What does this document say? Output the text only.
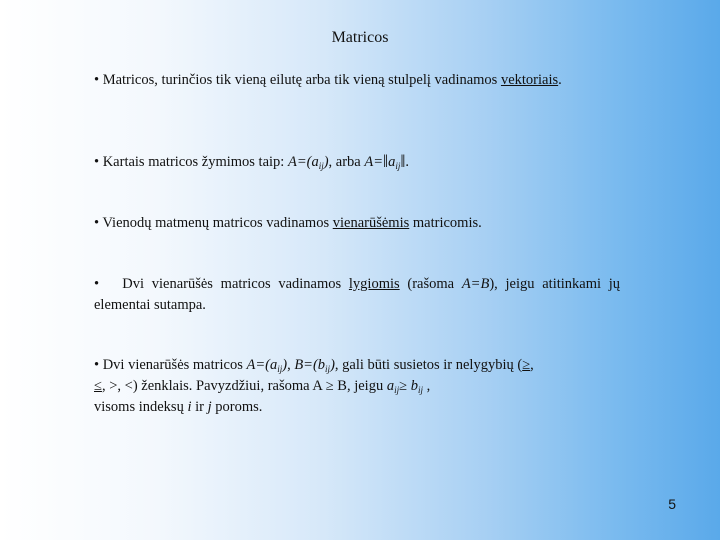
Matricos
• Matricos, turinčios tik vieną eilutę arba tik vieną stulpelį vadinamos vektoriais.
• Kartais matricos žymimos taip: $A=(a_{ij})$, arba $A=‖a_{ij}‖$.
• Vienodų matmenų matricos vadinamos vienarūšėmis matricomis.
• Dvi vienarūšės matricos vadinamos lygiomis (rašoma A=B), jeigu atitinkami jų elementai sutampa.
• Dvi vienarūšės matricos $A=(a_{ij})$, $B=(b_{ij})$, gali būti susietos ir nelygybių (≥,
≤, >, <) ženklais. Pavyzdžiui, rašoma A ≥ B, jeigu $a_{ij}\ge b_{ij}$ ,
visoms indeksų i ir j poroms.
5
